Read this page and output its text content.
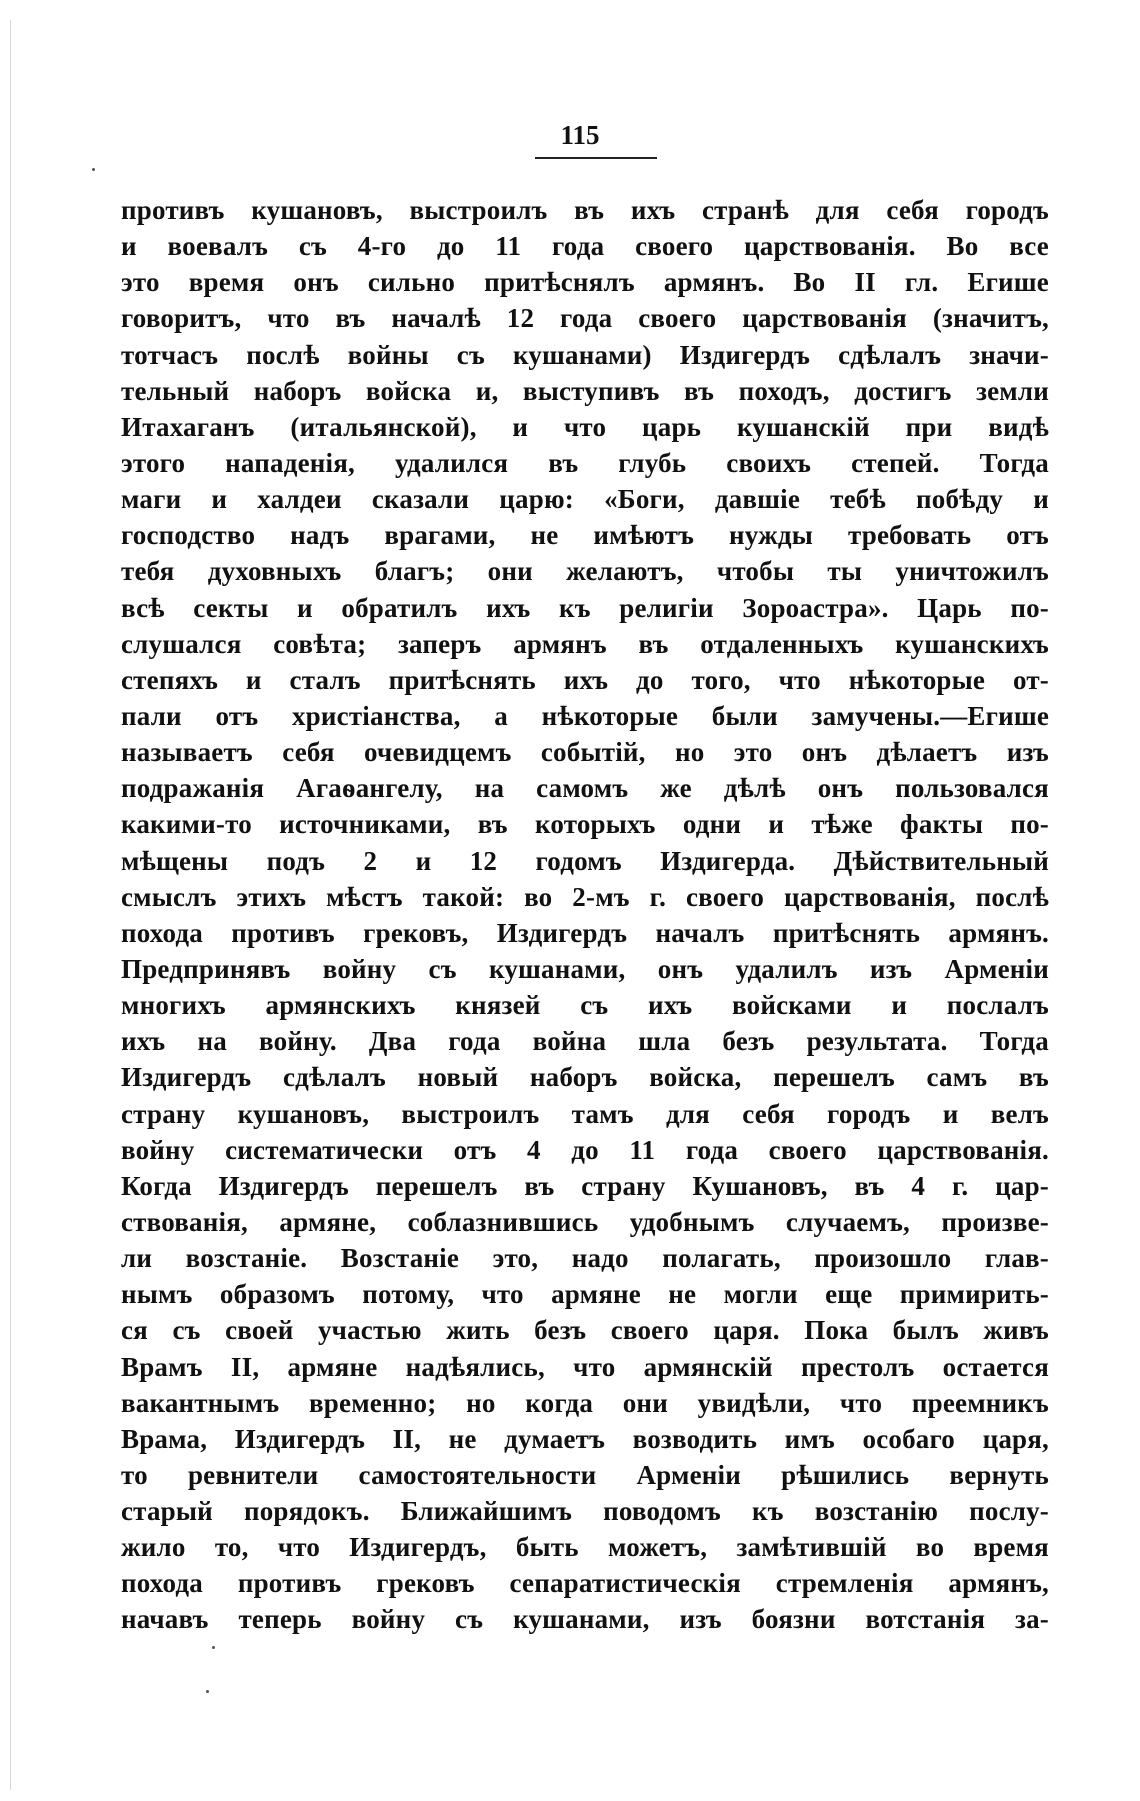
115
противъ кушановъ, выстроилъ въ ихъ странѣ для себя городъ
и воевалъ съ 4-го до 11 года своего царствованія. Во все
это время онъ сильно притѣснялъ армянъ. Во II гл. Егише
говоритъ, что въ началѣ 12 года своего царствованія (значитъ,
тотчасъ послѣ войны съ кушанами) Издигердъ сдѣлалъ значи-
тельный наборъ войска и, выступивъ въ походъ, достигъ земли
Итахаганъ (итальянской), и что царь кушанскій при видѣ
этого нападенія, удалился въ глубь своихъ степей. Тогда
маги и халдеи сказали царю: «Боги, давшіе тебѣ побѣду и
господство надъ врагами, не имѣютъ нужды требовать отъ
тебя духовныхъ благъ; они желаютъ, чтобы ты уничтожилъ
всѣ секты и обратилъ ихъ къ религіи Зороастра». Царь по-
слушался совѣта; заперъ армянъ въ отдаленныхъ кушанскихъ
степяхъ и сталъ притѣснять ихъ до того, что нѣкоторые от-
пали отъ христіанства, а нѣкоторые были замучены.—Егише
называетъ себя очевидцемъ событій, но это онъ дѣлаетъ изъ
подражанія Агаѳангелу, на самомъ же дѣлѣ онъ пользовался
какими-то источниками, въ которыхъ одни и тѣже факты по-
мѣщены подъ 2 и 12 годомъ Издигерда. Дѣйствительный
смыслъ этихъ мѣстъ такой: во 2-мъ г. своего царствованія, послѣ
похода противъ грековъ, Издигердъ началъ притѣснять армянъ.
Предпринявъ войну съ кушанами, онъ удалилъ изъ Арменіи
многихъ армянскихъ князей съ ихъ войсками и послалъ
ихъ на войну. Два года война шла безъ результата. Тогда
Издигердъ сдѣлалъ новый наборъ войска, перешелъ самъ въ
страну кушановъ, выстроилъ тамъ для себя городъ и велъ
войну систематически отъ 4 до 11 года своего царствованія.
Когда Издигердъ перешелъ въ страну Кушановъ, въ 4 г. цар-
ствованія, армяне, соблазнившись удобнымъ случаемъ, произве-
ли возстаніе. Возстаніе это, надо полагать, произошло глав-
нымъ образомъ потому, что армяне не могли еще примирить-
ся съ своей участью жить безъ своего царя. Пока былъ живъ
Врамъ II, армяне надѣялись, что армянскій престолъ остается
вакантнымъ временно; но когда они увидѣли, что преемникъ
Врама, Издигердъ II, не думаетъ возводить имъ особаго царя,
то ревнители самостоятельности Арменіи рѣшились вернуть
старый порядокъ. Ближайшимъ поводомъ къ возстанію послу-
жило то, что Издигердъ, быть можетъ, замѣтившій во время
похода противъ грековъ сепаратистическія стремленія армянъ,
начавъ теперь войну съ кушанами, изъ боязни вотстанія за-
